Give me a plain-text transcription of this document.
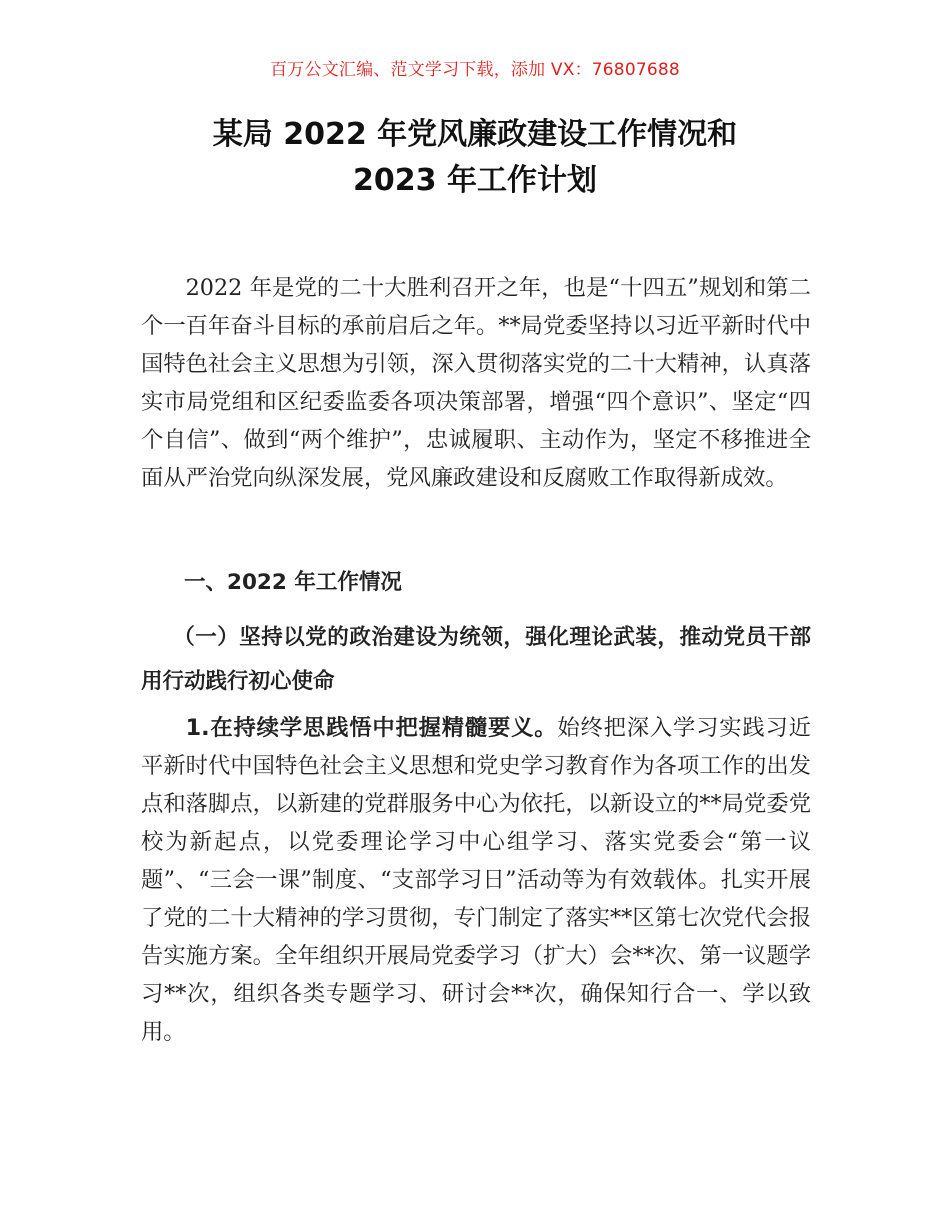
百万公文汇编、范文学习下载，添加 VX：76807688
某局 2022 年党风廉政建设工作情况和
2023 年工作计划

2022 年是党的二十大胜利召开之年，也是“十四五”规划和第二个一百年奋斗目标的承前启后之年。**局党委坚持以习近平新时代中国特色社会主义思想为引领，深入贯彻落实党的二十大精神，认真落实市局党组和区纪委监委各项决策部署，增强“四个意识”、坚定“四个自信”、做到“两个维护”，忠诚履职、主动作为，坚定不移推进全面从严治党向纵深发展，党风廉政建设和反腐败工作取得新成效。

一、2022 年工作情况

（一）坚持以党的政治建设为统领，强化理论武装，推动党员干部用行动践行初心使命

1.在持续学思践悟中把握精髓要义。始终把深入学习实践习近平新时代中国特色社会主义思想和党史学习教育作为各项工作的出发点和落脚点，以新建的党群服务中心为依托，以新设立的**局党委党校为新起点，以党委理论学习中心组学习、落实党委会“第一议题”、“三会一课”制度、“支部学习日”活动等为有效载体。扎实开展了党的二十大精神的学习贯彻，专门制定了落实**区第七次党代会报告实施方案。全年组织开展局党委学习（扩大）会**次、第一议题学习**次，组织各类专题学习、研讨会**次，确保知行合一、学以致用。
